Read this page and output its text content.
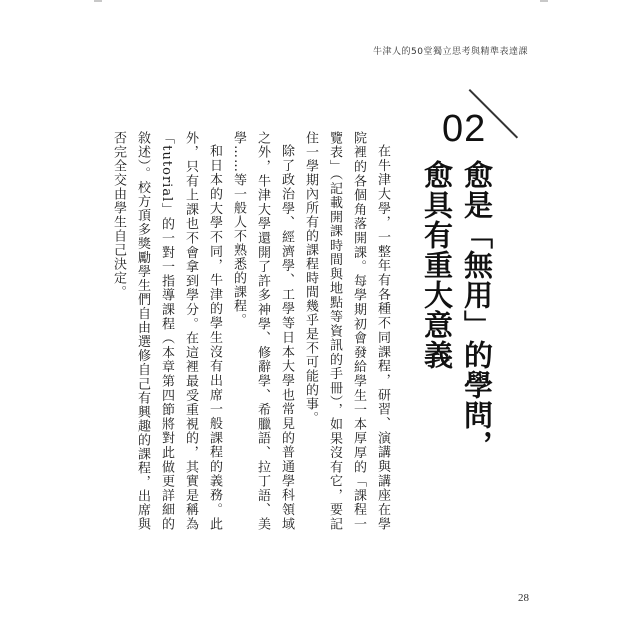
牛津人的50堂獨立思考與精準表達課
02
愈是「無用」的學問，
愈具有重大意義

在牛津大學，一整年有各種不同課程，研習、演講與講座在學院裡的各個角落開課。每學期初會發給學生一本厚厚的「課程一覽表」（記載開課時間與地點等資訊的手冊），如果沒有它，要記住一學期內所有的課程時間幾乎是不可能的事。

除了政治學、經濟學、工學等日本大學也常見的普通學科領域之外，牛津大學還開了許多神學、修辭學、希臘語、拉丁語、美學……等一般人不熟悉的課程。

和日本的大學不同，牛津的學生沒有出席一般課程的義務。此外，只有上課也不會拿到學分。在這裡最受重視的，其實是稱為「tutorial」的一對一指導課程（本章第四節將對此做更詳細的敘述）。校方頂多獎勵學生們自由選修自己有興趣的課程，出席與否完全交由學生自己決定。

28
